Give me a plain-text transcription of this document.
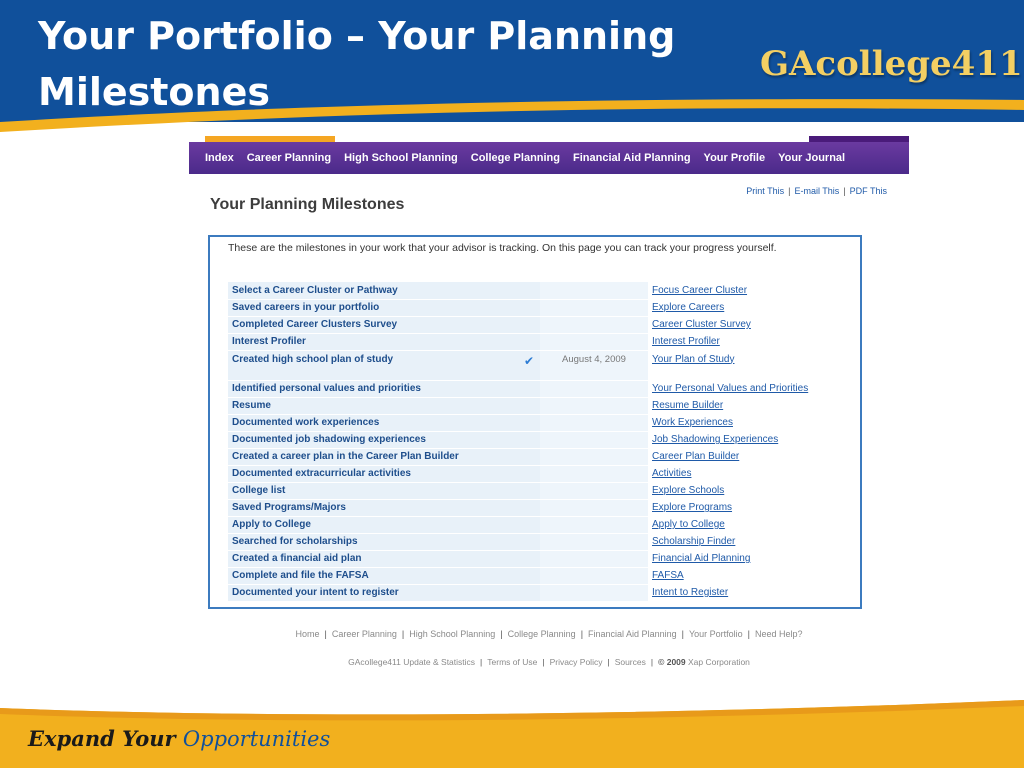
Your Portfolio – Your Planning Milestones
GAcollege411
Index Career Planning High School Planning College Planning Financial Aid Planning Your Profile Your Journal
Print This | E-mail This | PDF This
Your Planning Milestones
These are the milestones in your work that your advisor is tracking. On this page you can track your progress yourself.
Select a Career Cluster or Pathway			Focus Career Cluster
Saved careers in your portfolio			Explore Careers
Completed Career Clusters Survey			Career Cluster Survey
Interest Profiler			Interest Profiler
Created high school plan of study	✔	August 4, 2009	Your Plan of Study
Identified personal values and priorities			Your Personal Values and Priorities
Resume			Resume Builder
Documented work experiences			Work Experiences
Documented job shadowing experiences			Job Shadowing Experiences
Created a career plan in the Career Plan Builder			Career Plan Builder
Documented extracurricular activities			Activities
College list			Explore Schools
Saved Programs/Majors			Explore Programs
Apply to College			Apply to College
Searched for scholarships			Scholarship Finder
Created a financial aid plan			Financial Aid Planning
Complete and file the FAFSA			FAFSA
Documented your intent to register			Intent to Register
Home | Career Planning | High School Planning | College Planning | Financial Aid Planning | Your Portfolio | Need Help?
GAcollege411 Update & Statistics | Terms of Use | Privacy Policy | Sources | © 2009 Xap Corporation
Expand Your Opportunities
